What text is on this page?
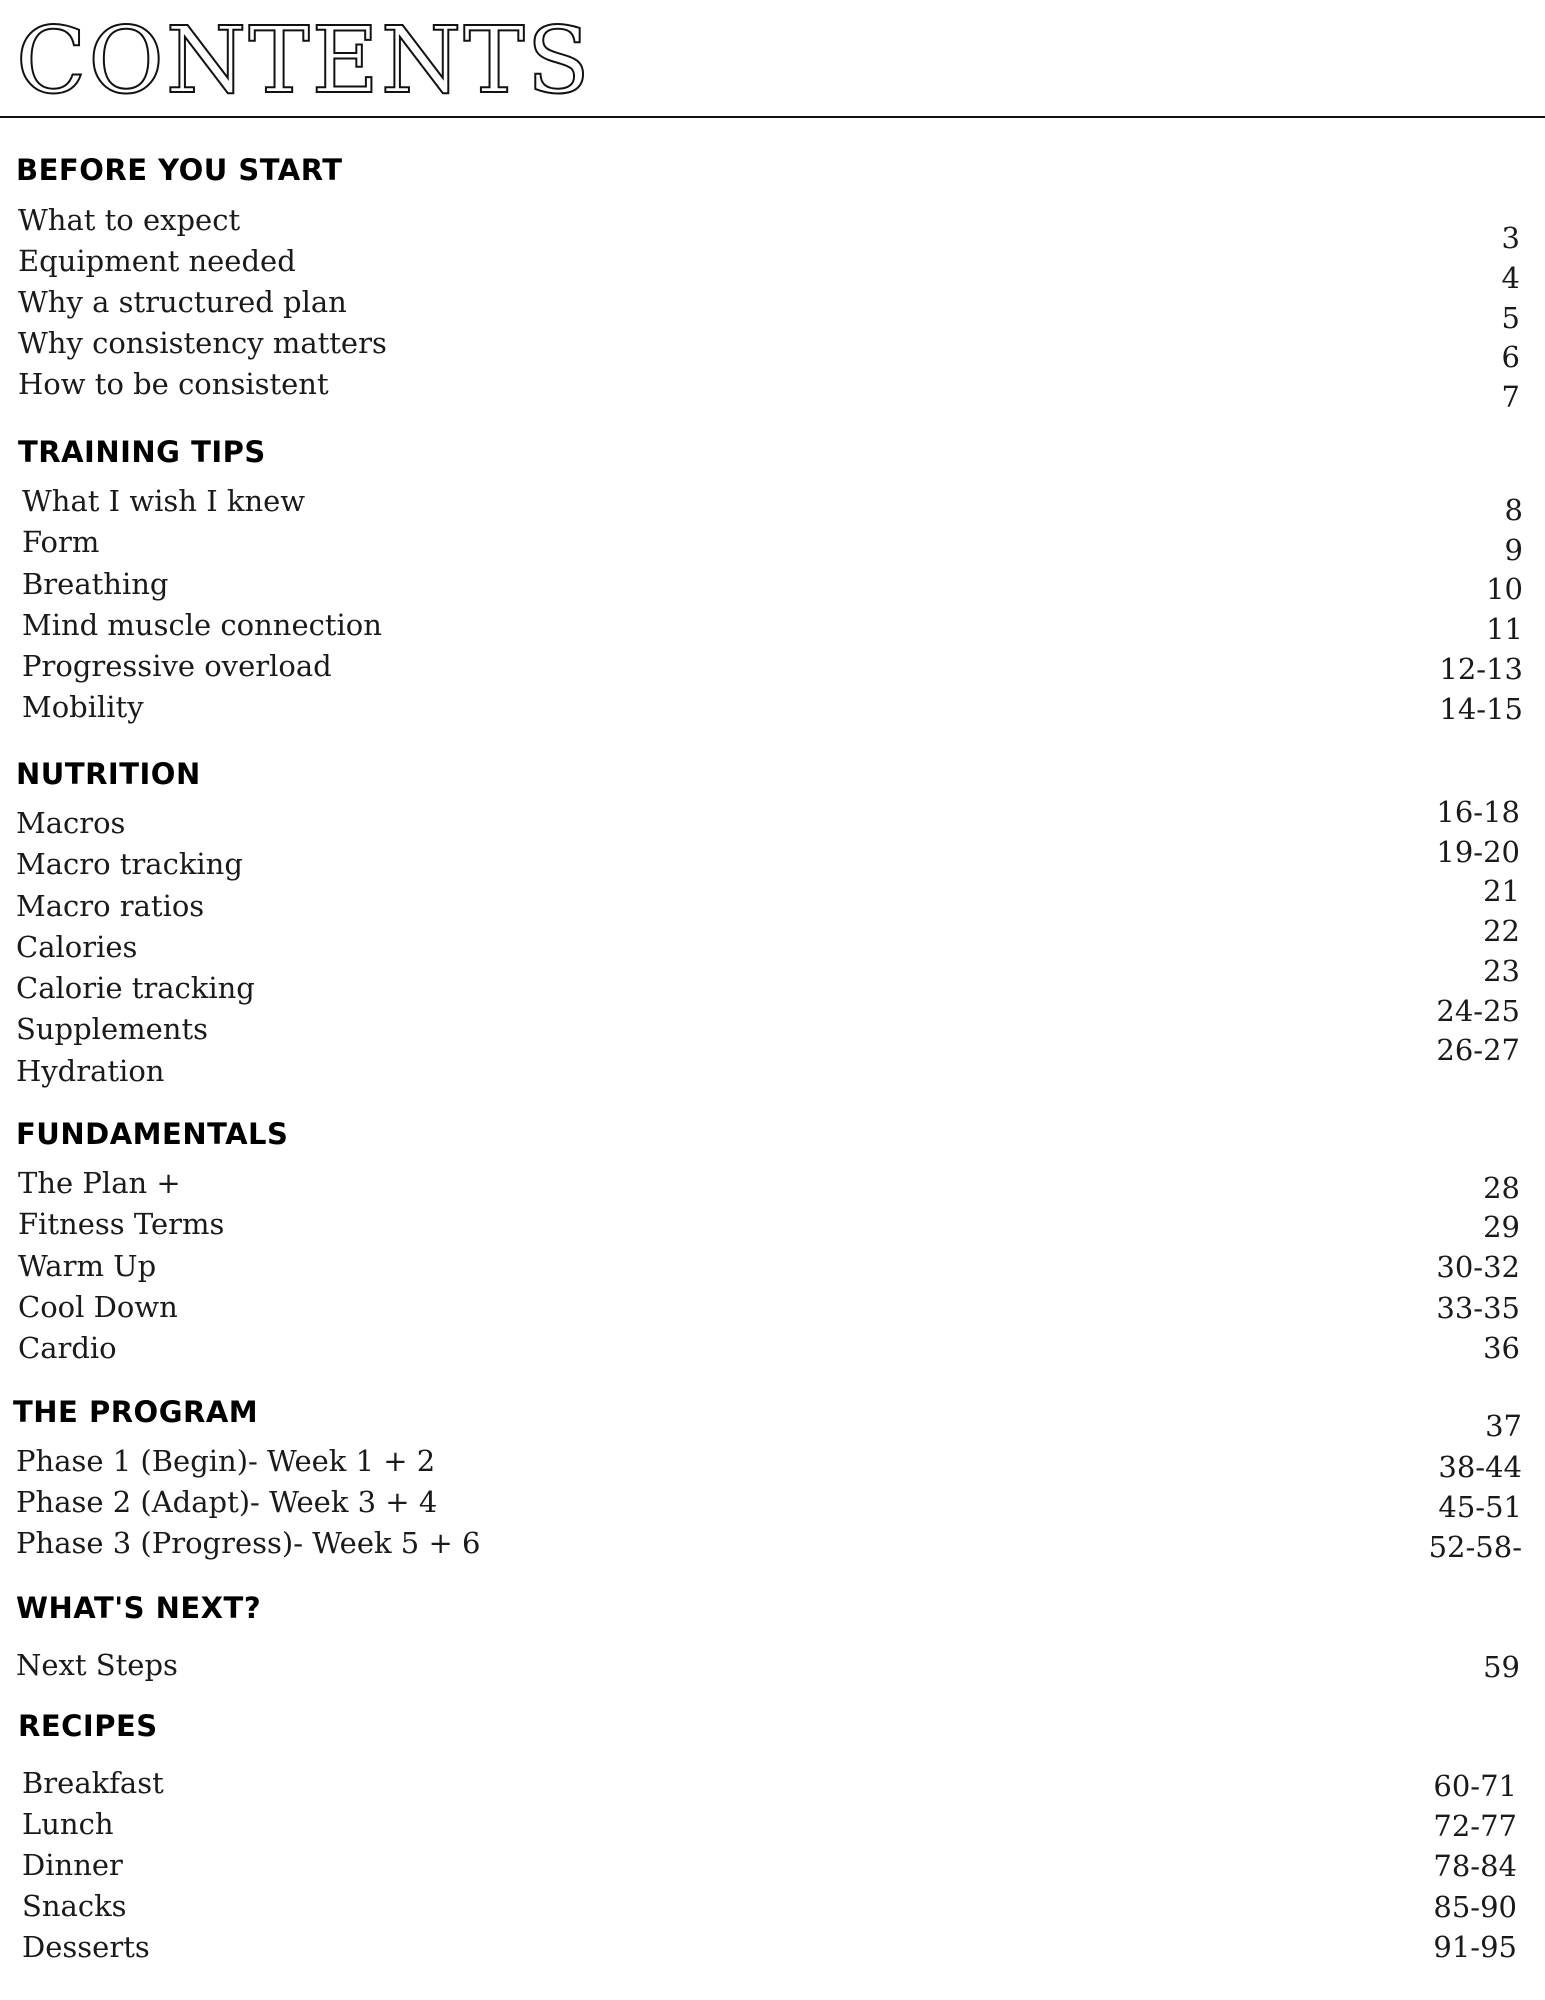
CONTENTS
BEFORE YOU START
What to expect
Equipment needed
Why a structured plan
Why consistency matters
How to be consistent
3
4
5
6
7
TRAINING TIPS
What I wish I knew
Form
Breathing
Mind muscle connection
Progressive overload
Mobility
8
9
10
11
12-13
14-15
NUTRITION
Macros
Macro tracking
Macro ratios
Calories
Calorie tracking
Supplements
Hydration
16-18
19-20
21
22
23
24-25
26-27
FUNDAMENTALS
The Plan +
Fitness Terms
Warm Up
Cool Down
Cardio
28
29
30-32
33-35
36
THE PROGRAM
Phase 1 (Begin)- Week 1 + 2
Phase 2 (Adapt)- Week 3 + 4
Phase 3 (Progress)- Week 5 + 6
37
38-44
45-51
52-58-
WHAT'S NEXT?
Next Steps	59
RECIPES
Breakfast
Lunch
Dinner
Snacks
Desserts
60-71
72-77
78-84
85-90
91-95
